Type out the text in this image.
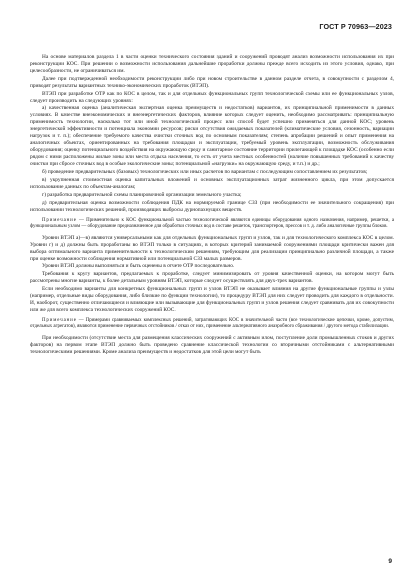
ГОСТ Р 70963—2023

На основе материалов раздела 1 в части оценки технического состояния зданий и сооружений проводят анализ возможности использования их при реконструкции КОС. При решении о возможности использования дальнейшие проработки должны прежде всего исходить из этого условия, однако, при целесообразности, не ограничиваться им.

Далее при подтвержденной необходимости реконструкции либо при новом строительстве в данном разделе отчета, в совокупности с разделом 4, приводят результаты вариантных технико-экономических проработок (ВТЭП).

ВТЭП при разработке ОТР как по КОС в целом, так и для отдельных функциональных групп технологической схемы или ее функциональных узлов, следует производить на следующих уровнях:

а) качественная оценка (аналитическая экспертная оценка преимуществ и недостатков) вариантов, их принципиальной применимости в данных условиях. В качестве внеэкономических и внеэнергетических факторов, влияние которых следует оценить, необходимо рассматривать: принципиальную применимость технологии, насколько тот или иной технологический процесс или способ будет успешно применяться для данной КОС; уровень энергетической эффективности и потенциала экономии ресурсов; риски отсутствия ожидаемых показателей (климатические условия, сезонность, вариации нагрузок и т. п.); обеспечение требуемого качества очистки сточных вод по основным показателям; степень апробации решений и опыт применения на аналогичных объектах, ориентированных на требования площадки и эксплуатации, требуемый уровень эксплуатации, возможность обслуживания оборудования; оценку потенциального воздействия на окружающую среду и санитарное состояние территории прилегающей к площадке КОС (особенно если рядом с ними расположены жилые зоны или места отдыха населения, то есть от учета местных особенностей (наличие повышенных требований к качеству очистки при сбросе сточных вод в особые экологические зоны; потенциальной «нагрузки» на окружающую среду, и т.п.) и др.;

б) проведение предварительных (базовых) технологических или иных расчетов по вариантам с последующим сопоставлением их результатов;

в) укрупненная стоимостная оценка капитальных вложений и основных эксплуатационных затрат жизненного цикла, при этом допускается использование данных по объектам-аналогам;

г) разработка предварительной схемы планировочной организации земельного участка;

д) предварительная оценка возможности соблюдения ПДК на нормируемой границе СЗЗ (при необходимости ее значительного сокращения) при использовании технологических решений, производящих выбросы дурнопахнущих веществ.

Примечание — Применительно к КОС функциональной частью технологической являются единицы оборудования одного назначения, например, решетки, а функциональным узлом — оборудование предназначенное для обработки сточных вод в составе решеток, транспортеров, прессов и т. д. либо аналогичные группы блоков.

Уровни ВТЭП а)—в) являются универсальными как для отдельных функциональных групп и узлов, так и для технологического комплекса КОС в целом. Уровни г) и д) должны быть проработаны во ВТЭП только в ситуациях, в которых критерий занимаемой сооружениями площади критически важен для выбора оптимального варианта применительности к технологическим решениям, требующим для реализации принципиально различной площади, а также при оценке возможности соблюдения нормативной или потенциальной СЗЗ малых размеров.

Уровни ВТЭП должны выполняться и быть оценены в отчете ОТР последовательно.

Требования к кругу вариантов, предлагаемых к проработке, следует минимизировать от уровня качественной оценки, на котором могут быть рассмотрены многие варианты, к более детальным уровням ВТЭП, которые следует осуществлять для двух-трех вариантов.

Если необходимо варианты для конкретных функциональных групп и узлов ВТЭП не оказывает влияния на другие функциональные группы и узлы (например, отдельные виды оборудования, либо близкие по функции технологии), то процедуру ВТЭП для них следует проводить для каждого в отдельности. И, наоборот, существенно отличающиеся и влияющие или вызывающие для функциональных групп и узлов решения следует сравнивать для их совокупности или же для всего комплекса технологических сооружений КОС.

Примечание — Примерами сравниваемых комплексных решений, затрагивающих КОС в значительной части (все технологические цепочки, кроме, допустим, отдельных агрегатов), являются применение первичных отстойников / отказ от них, применение альтернативного анаэробного сбраживания / другого метода стабилизации.

При необходимости (отсутствие места для размещения классических сооружений с активным илом, поступление доли промышленных стоков и других факторов) на первом этапе ВТЭП должно быть проведено сравнение классической технологии со вторичными отстойниками с альтернативными технологическими решениями. Кроме анализа преимуществ и недостатков для этой цели могут быть

9
